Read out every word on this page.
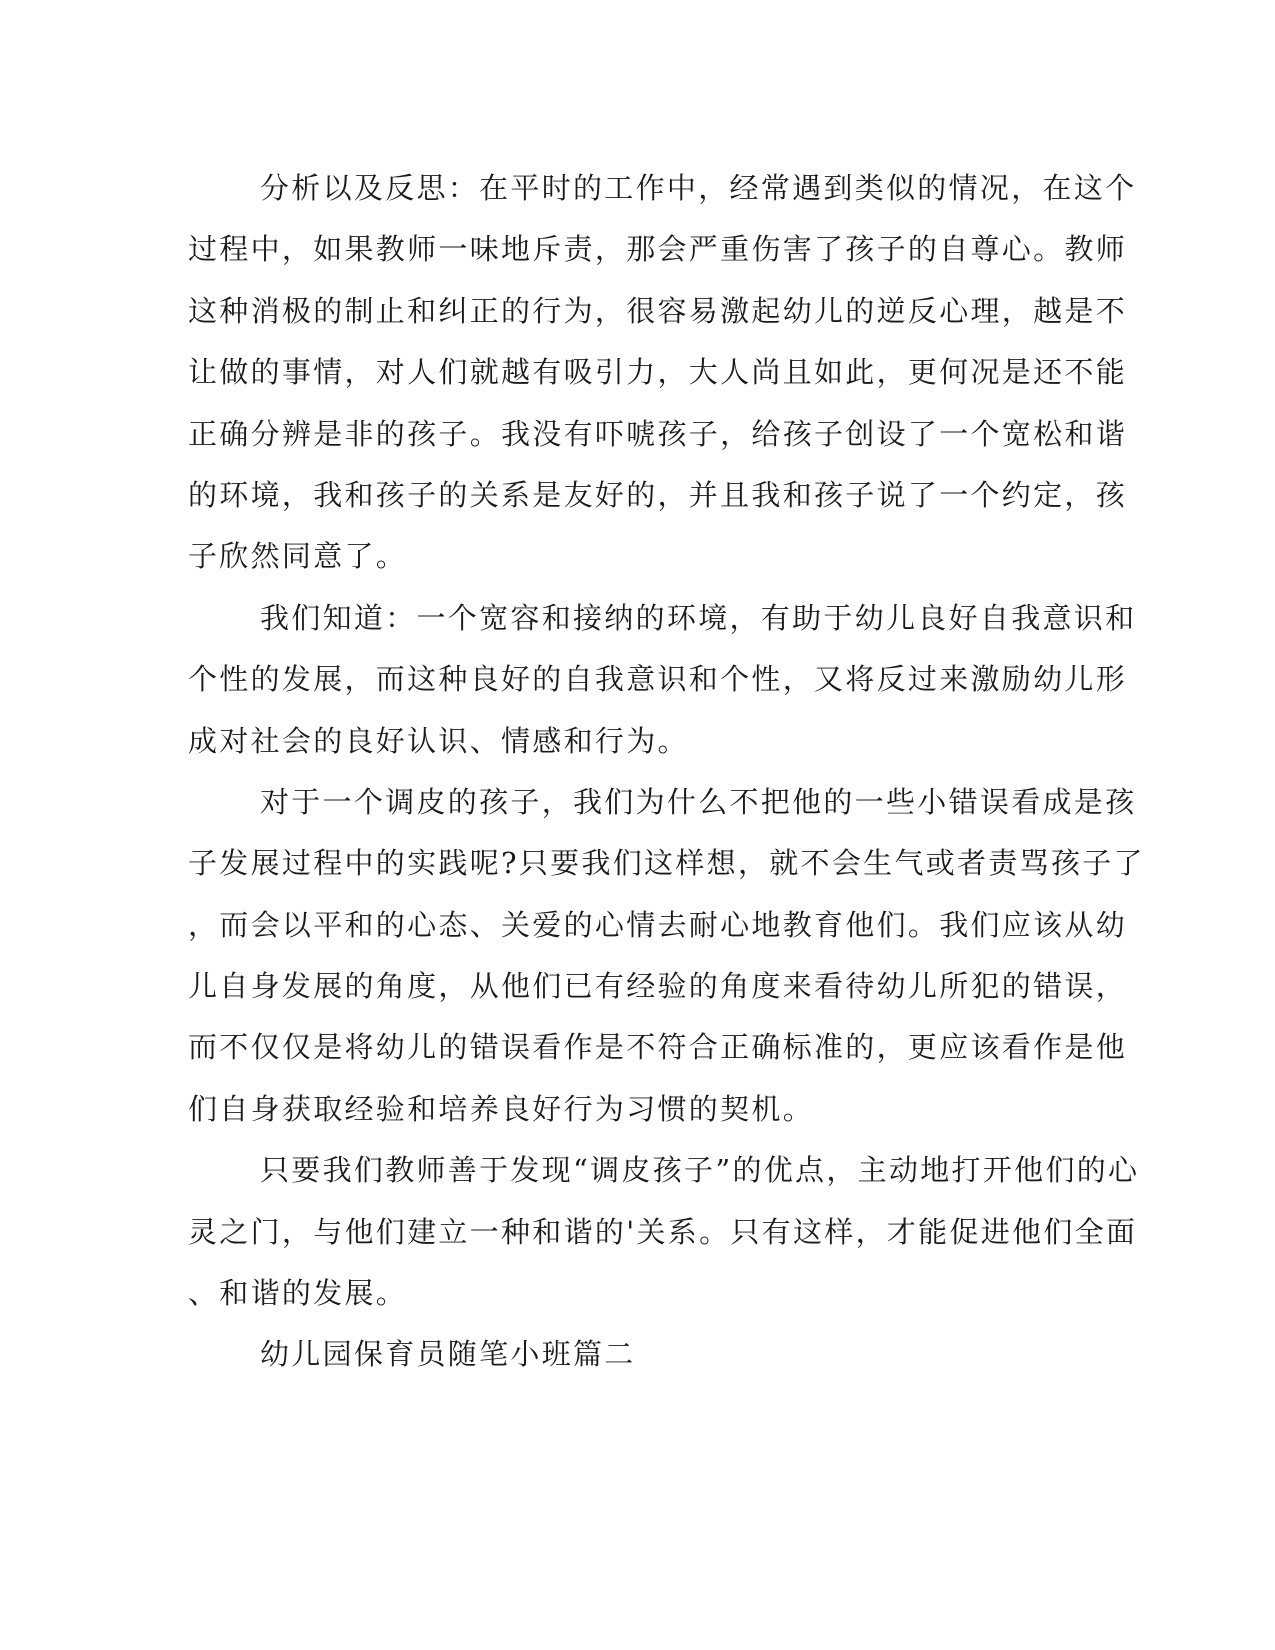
分析以及反思：在平时的工作中，经常遇到类似的情况，在这个
过程中，如果教师一味地斥责，那会严重伤害了孩子的自尊心。教师
这种消极的制止和纠正的行为，很容易激起幼儿的逆反心理，越是不
让做的事情，对人们就越有吸引力，大人尚且如此，更何况是还不能
正确分辨是非的孩子。我没有吓唬孩子，给孩子创设了一个宽松和谐
的环境，我和孩子的关系是友好的，并且我和孩子说了一个约定，孩
子欣然同意了。

我们知道：一个宽容和接纳的环境，有助于幼儿良好自我意识和
个性的发展，而这种良好的自我意识和个性，又将反过来激励幼儿形
成对社会的良好认识、情感和行为。

对于一个调皮的孩子，我们为什么不把他的一些小错误看成是孩
子发展过程中的实践呢?只要我们这样想，就不会生气或者责骂孩子了
，而会以平和的心态、关爱的心情去耐心地教育他们。我们应该从幼
儿自身发展的角度，从他们已有经验的角度来看待幼儿所犯的错误，
而不仅仅是将幼儿的错误看作是不符合正确标准的，更应该看作是他
们自身获取经验和培养良好行为习惯的契机。

只要我们教师善于发现“调皮孩子”的优点，主动地打开他们的心
灵之门，与他们建立一种和谐的'关系。只有这样，才能促进他们全面
、和谐的发展。

幼儿园保育员随笔小班篇二
